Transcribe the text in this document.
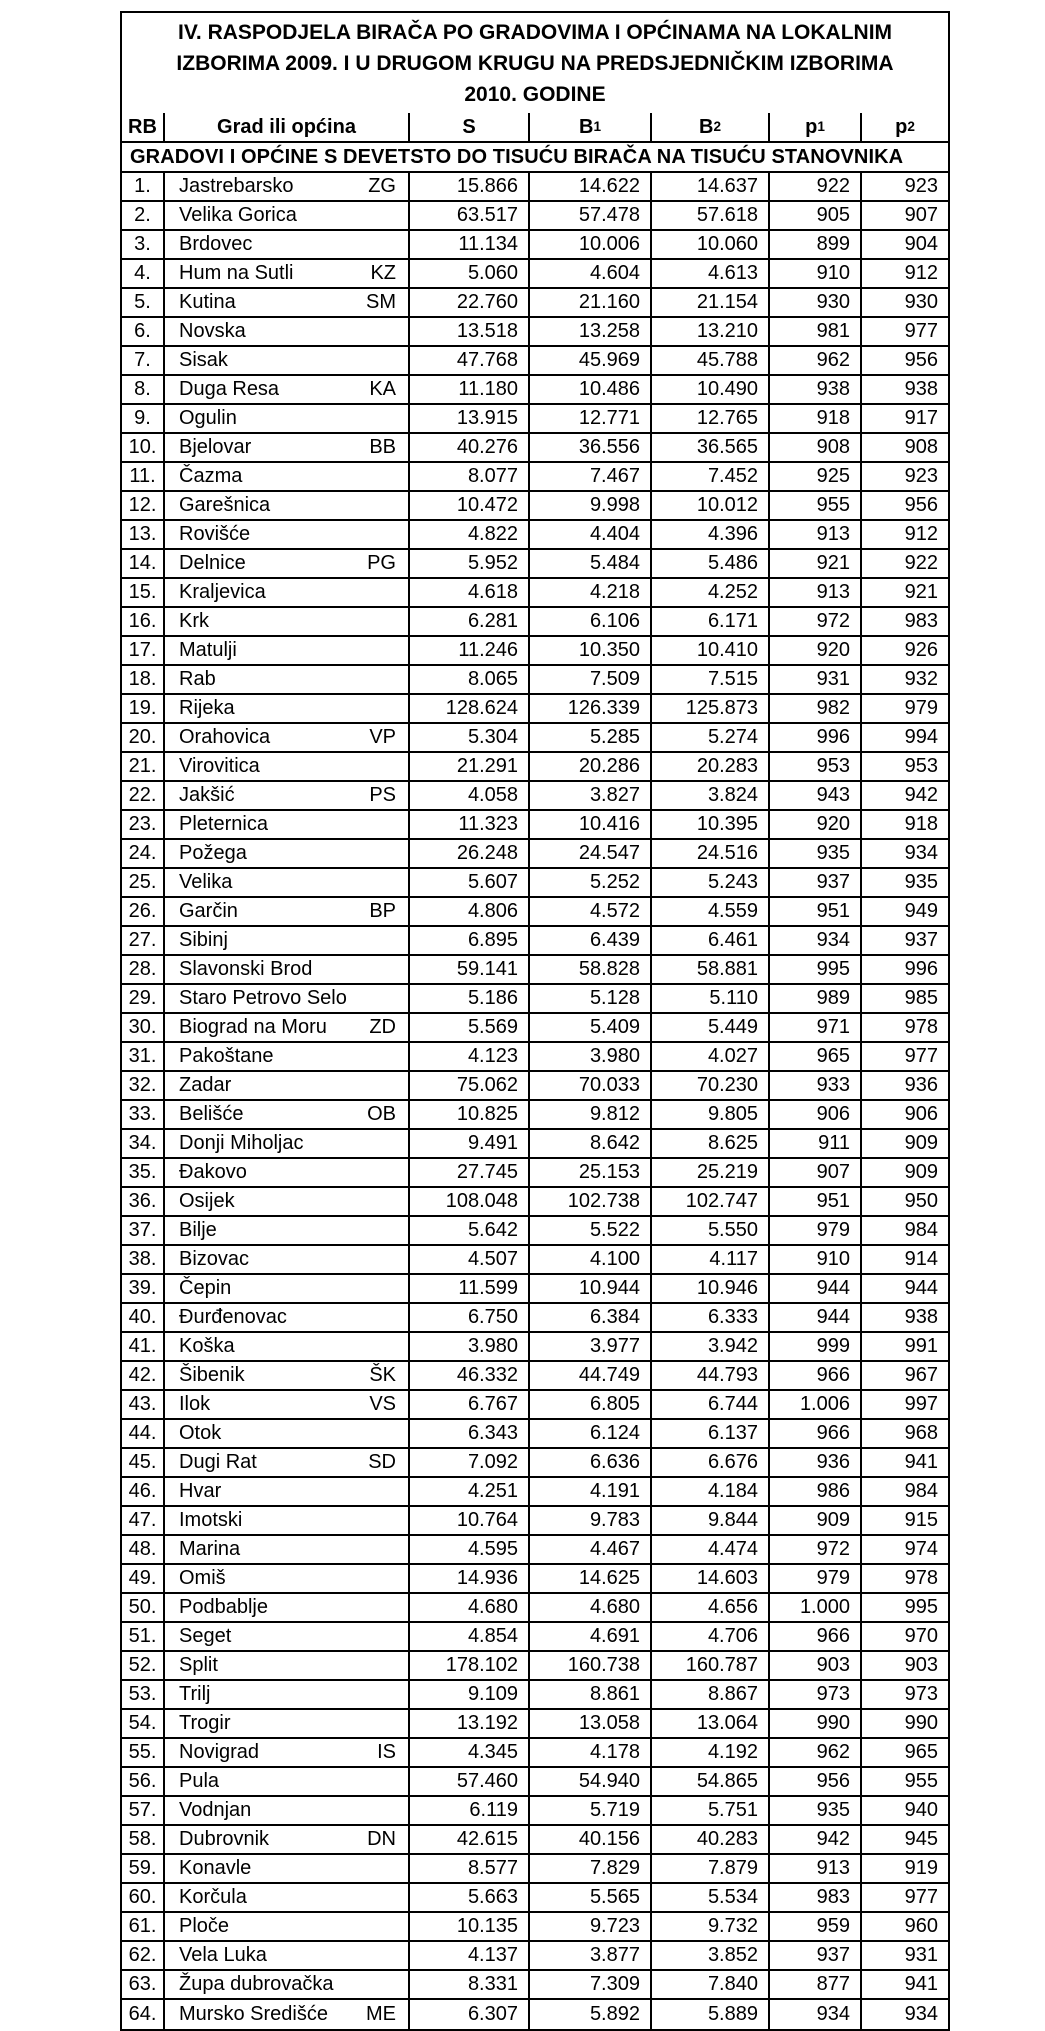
IV. RASPODJELA BIRAČA PO GRADOVIMA I OPĆINAMA NA LOKALNIM
IZBORIMA 2009. I U DRUGOM KRUGU NA PREDSJEDNIČKIM IZBORIMA
2010. GODINE
RB	Grad ili općina	S	B 1	B 2	p 1	p 2
GRADOVI I OPĆINE S DEVETSTO DO TISUĆU BIRAČA NA TISUĆU STANOVNIKA
1.	Jastrebarsko	ZG	15.866	14.622	14.637	922	923
2.	Velika Gorica	63.517	57.478	57.618	905	907
3.	Brdovec	11.134	10.006	10.060	899	904
4.	Hum na Sutli	KZ	5.060	4.604	4.613	910	912
5.	Kutina	SM	22.760	21.160	21.154	930	930
6.	Novska	13.518	13.258	13.210	981	977
7.	Sisak	47.768	45.969	45.788	962	956
8.	Duga Resa	KA	11.180	10.486	10.490	938	938
9.	Ogulin	13.915	12.771	12.765	918	917
10.	Bjelovar	BB	40.276	36.556	36.565	908	908
11.	Čazma	8.077	7.467	7.452	925	923
12.	Garešnica	10.472	9.998	10.012	955	956
13.	Rovišće	4.822	4.404	4.396	913	912
14.	Delnice	PG	5.952	5.484	5.486	921	922
15.	Kraljevica	4.618	4.218	4.252	913	921
16.	Krk	6.281	6.106	6.171	972	983
17.	Matulji	11.246	10.350	10.410	920	926
18.	Rab	8.065	7.509	7.515	931	932
19.	Rijeka	128.624	126.339	125.873	982	979
20.	Orahovica	VP	5.304	5.285	5.274	996	994
21.	Virovitica	21.291	20.286	20.283	953	953
22.	Jakšić	PS	4.058	3.827	3.824	943	942
23.	Pleternica	11.323	10.416	10.395	920	918
24.	Požega	26.248	24.547	24.516	935	934
25.	Velika	5.607	5.252	5.243	937	935
26.	Garčin	BP	4.806	4.572	4.559	951	949
27.	Sibinj	6.895	6.439	6.461	934	937
28.	Slavonski Brod	59.141	58.828	58.881	995	996
29.	Staro Petrovo Selo	5.186	5.128	5.110	989	985
30.	Biograd na Moru ZD	5.569	5.409	5.449	971	978
31.	Pakoštane	4.123	3.980	4.027	965	977
32.	Zadar	75.062	70.033	70.230	933	936
33.	Belišće	OB	10.825	9.812	9.805	906	906
34.	Donji Miholjac	9.491	8.642	8.625	911	909
35.	Đakovo	27.745	25.153	25.219	907	909
36.	Osijek	108.048	102.738	102.747	951	950
37.	Bilje	5.642	5.522	5.550	979	984
38.	Bizovac	4.507	4.100	4.117	910	914
39.	Čepin	11.599	10.944	10.946	944	944
40.	Đurđenovac	6.750	6.384	6.333	944	938
41.	Koška	3.980	3.977	3.942	999	991
42.	Šibenik	ŠK	46.332	44.749	44.793	966	967
43.	Ilok	VS	6.767	6.805	6.744	1.006	997
44.	Otok	6.343	6.124	6.137	966	968
45.	Dugi Rat	SD	7.092	6.636	6.676	936	941
46.	Hvar	4.251	4.191	4.184	986	984
47.	Imotski	10.764	9.783	9.844	909	915
48.	Marina	4.595	4.467	4.474	972	974
49.	Omiš	14.936	14.625	14.603	979	978
50.	Podbablje	4.680	4.680	4.656	1.000	995
51.	Seget	4.854	4.691	4.706	966	970
52.	Split	178.102	160.738	160.787	903	903
53.	Trilj	9.109	8.861	8.867	973	973
54.	Trogir	13.192	13.058	13.064	990	990
55.	Novigrad	IS	4.345	4.178	4.192	962	965
56.	Pula	57.460	54.940	54.865	956	955
57.	Vodnjan	6.119	5.719	5.751	935	940
58.	Dubrovnik	DN	42.615	40.156	40.283	942	945
59.	Konavle	8.577	7.829	7.879	913	919
60.	Korčula	5.663	5.565	5.534	983	977
61.	Ploče	10.135	9.723	9.732	959	960
62.	Vela Luka	4.137	3.877	3.852	937	931
63.	Župa dubrovačka	8.331	7.309	7.840	877	941
64.	Mursko Središće ME	6.307	5.892	5.889	934	934
